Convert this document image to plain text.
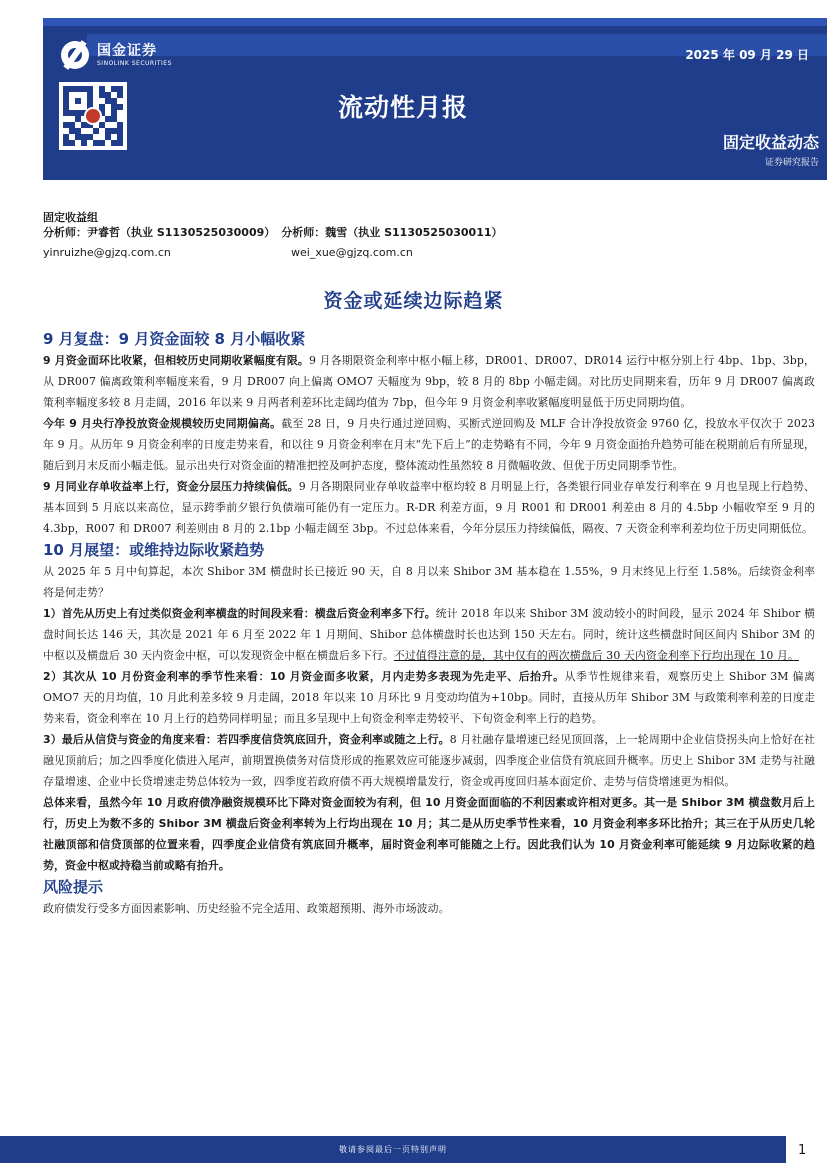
国金证券
SINOLINK SECURITIES
2025 年 09 月 29 日
流动性月报
固定收益动态
证券研究报告
固定收益组
分析师：尹睿哲（执业 S1130525030009） 分析师：魏雪（执业 S1130525030011）
yinruizhe@gjzq.com.cn	wei_xue@gjzq.com.cn
资金或延续边际趋紧
9 月复盘：9 月资金面较 8 月小幅收紧

9 月资金面环比收紧，但相较历史同期收紧幅度有限。9 月各期限资金利率中枢小幅上移，DR001、DR007、DR014 运行中枢分别上行 4bp、1bp、3bp，从 DR007 偏离政策利率幅度来看，9 月 DR007 向上偏离 OMO7 天幅度为 9bp，较 8 月的 8bp 小幅走阔。对比历史同期来看，历年 9 月 DR007 偏离政策利率幅度多较 8 月走阔，2016 年以来 9 月两者利差环比走阔均值为 7bp，但今年 9 月资金利率收紧幅度明显低于历史同期均值。

今年 9 月央行净投放资金规模较历史同期偏高。截至 28 日，9 月央行通过逆回购、买断式逆回购及 MLF 合计净投放资金 9760 亿，投放水平仅次于 2023 年 9 月。从历年 9 月资金利率的日度走势来看，和以往 9 月资金利率在月末“先下后上”的走势略有不同，今年 9 月资金面抬升趋势可能在税期前后有所显现，随后到月末反而小幅走低。显示出央行对资金面的精准把控及呵护态度，整体流动性虽然较 8 月微幅收敛、但优于历史同期季节性。

9 月同业存单收益率上行，资金分层压力持续偏低。9 月各期限同业存单收益率中枢均较 8 月明显上行，各类银行同业存单发行利率在 9 月也呈现上行趋势、基本回到 5 月底以来高位，显示跨季前夕银行负债端可能仍有一定压力。R-DR 利差方面，9 月 R001 和 DR001 利差由 8 月的 4.5bp 小幅收窄至 9 月的 4.3bp，R007 和 DR007 利差则由 8 月的 2.1bp 小幅走阔至 3bp。不过总体来看，今年分层压力持续偏低，隔夜、7 天资金利率利差均位于历史同期低位。

10 月展望：或维持边际收紧趋势

从 2025 年 5 月中旬算起，本次 Shibor 3M 横盘时长已接近 90 天，自 8 月以来 Shibor 3M 基本稳在 1.55%，9 月末终见上行至 1.58%。后续资金利率将是何走势？

1）首先从历史上有过类似资金利率横盘的时间段来看：横盘后资金利率多下行。统计 2018 年以来 Shibor 3M 波动较小的时间段，显示 2024 年 Shibor 横盘时间长达 146 天，其次是 2021 年 6 月至 2022 年 1 月期间、Shibor 总体横盘时长也达到 150 天左右。同时，统计这些横盘时间区间内 Shibor 3M 的中枢以及横盘后 30 天内资金中枢，可以发现资金中枢在横盘后多下行。不过值得注意的是，其中仅有的两次横盘后 30 天内资金利率下行均出现在 10 月。

2）其次从 10 月份资金利率的季节性来看：10 月资金面多收紧，月内走势多表现为先走平、后抬升。从季节性规律来看，观察历史上 Shibor 3M 偏离 OMO7 天的月均值，10 月此利差多较 9 月走阔，2018 年以来 10 月环比 9 月变动均值为+10bp。同时，直接从历年 Shibor 3M 与政策利率利差的日度走势来看，资金利率在 10 月上行的趋势同样明显；而且多呈现中上旬资金利率走势较平、下旬资金利率上行的趋势。

3）最后从信贷与资金的角度来看：若四季度信贷筑底回升，资金利率或随之上行。8 月社融存量增速已经见顶回落，上一轮周期中企业信贷拐头向上恰好在社融见顶前后；加之四季度化债进入尾声，前期置换债务对信贷形成的拖累效应可能逐步减弱，四季度企业信贷有筑底回升概率。历史上 Shibor 3M 走势与社融存量增速、企业中长贷增速走势总体较为一致，四季度若政府债不再大规模增量发行，资金或再度回归基本面定价、走势与信贷增速更为相似。

总体来看，虽然今年 10 月政府债净融资规模环比下降对资金面较为有利，但 10 月资金面面临的不利因素或许相对更多。其一是 Shibor 3M 横盘数月后上行，历史上为数不多的 Shibor 3M 横盘后资金利率转为上行均出现在 10 月；其二是从历史季节性来看，10 月资金利率多环比抬升；其三在于从历史几轮社融顶部和信贷顶部的位置来看，四季度企业信贷有筑底回升概率，届时资金利率可能随之上行。因此我们认为 10 月资金利率可能延续 9 月边际收紧的趋势，资金中枢或持稳当前或略有抬升。

风险提示

政府债发行受多方面因素影响、历史经验不完全适用、政策超预期、海外市场波动。

敬请参阅最后一页特别声明	1
